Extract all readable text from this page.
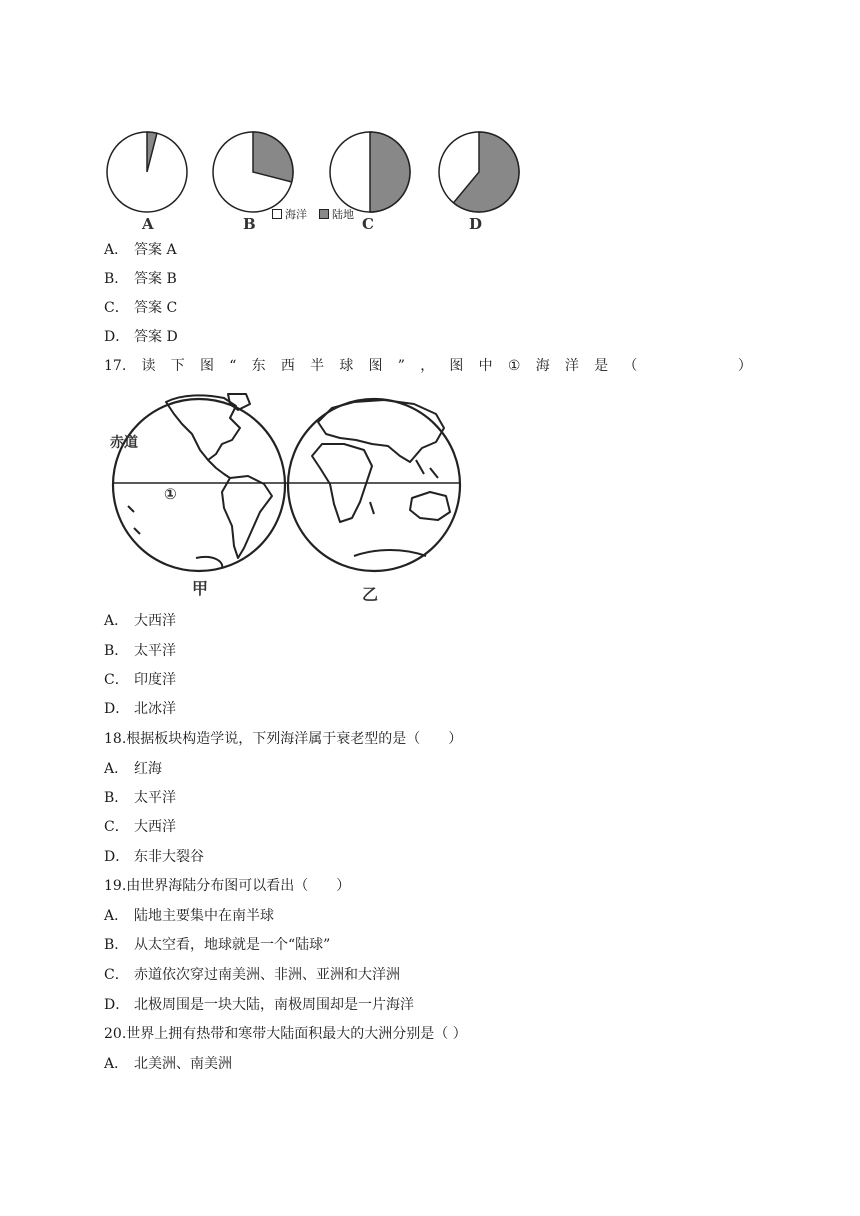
A	B	C	D
海洋 陆地
A． 答案 A
B． 答案 B
C． 答案 C
D． 答案 D
17. 读 下 图 “ 东 西 半 球 图 ” ， 图 中 ① 海 洋 是 （	）
赤道
①
甲	乙
A． 大西洋
B． 太平洋
C． 印度洋
D． 北冰洋
18.根据板块构造学说，下列海洋属于衰老型的是（　　）
A． 红海
B． 太平洋
C． 大西洋
D． 东非大裂谷
19.由世界海陆分布图可以看出（　　）
A． 陆地主要集中在南半球
B． 从太空看，地球就是一个“陆球”
C． 赤道依次穿过南美洲、非洲、亚洲和大洋洲
D． 北极周围是一块大陆，南极周围却是一片海洋
20.世界上拥有热带和寒带大陆面积最大的大洲分别是（ ）
A． 北美洲、南美洲
